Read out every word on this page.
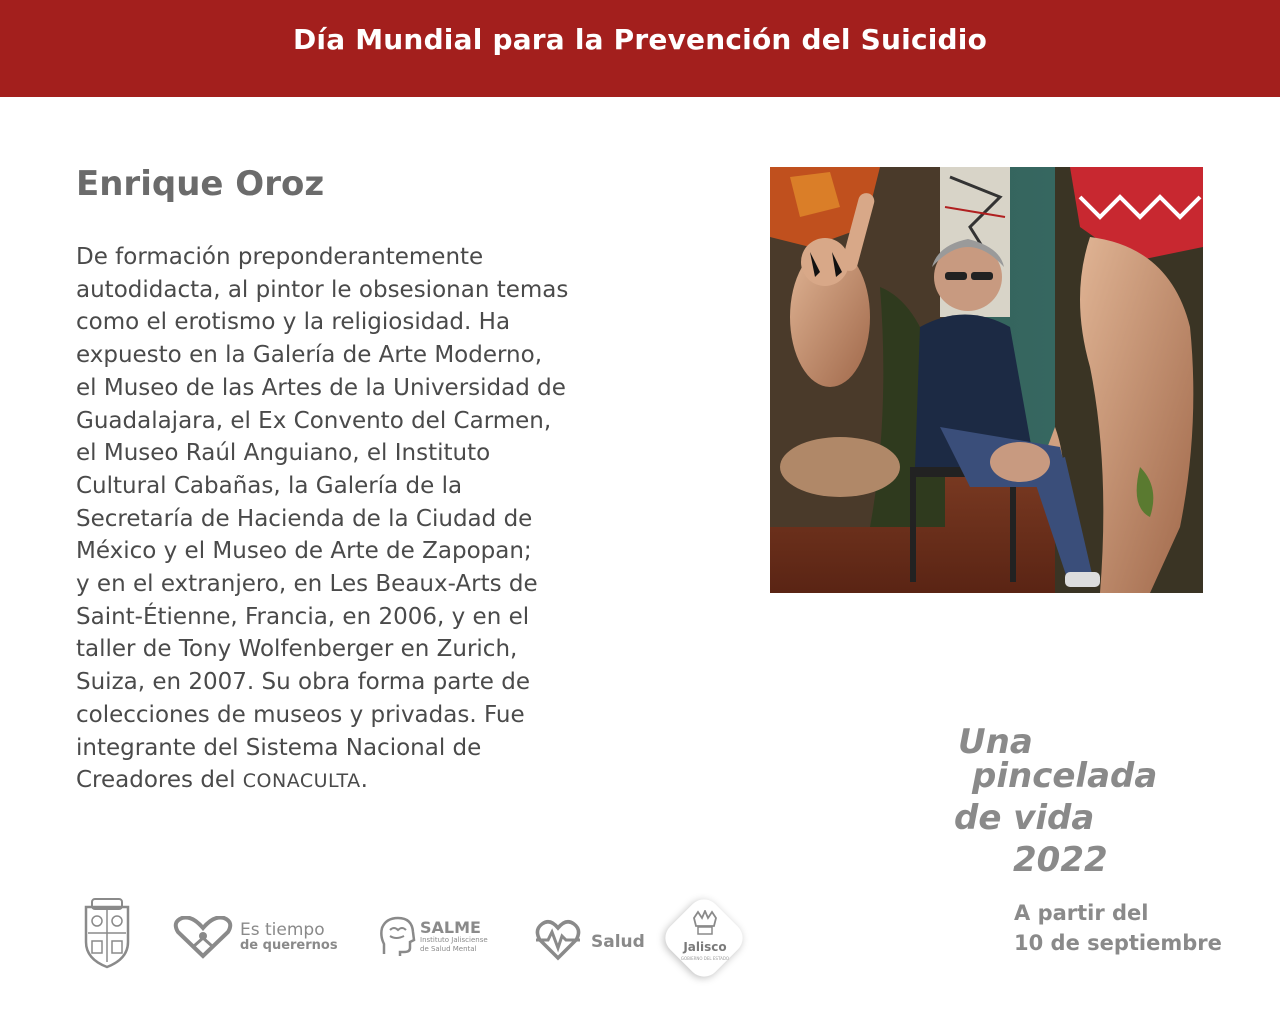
Día Mundial para la Prevención del Suicidio
Enrique Oroz
De formación preponderantemente
autodidacta, al pintor le obsesionan temas
como el erotismo y la religiosidad. Ha
expuesto en la Galería de Arte Moderno,
el Museo de las Artes de la Universidad de
Guadalajara, el Ex Convento del Carmen,
el Museo Raúl Anguiano, el Instituto
Cultural Cabañas, la Galería de la
Secretaría de Hacienda de la Ciudad de
México y el Museo de Arte de Zapopan;
y en el extranjero, en Les Beaux-Arts de
Saint-Étienne, Francia, en 2006, y en el
taller de Tony Wolfenberger en Zurich,
Suiza, en 2007. Su obra forma parte de
colecciones de museos y privadas. Fue
integrante del Sistema Nacional de
Creadores del CONACULTA.
Una
pincelada
de vida
2022
A partir del
10 de septiembre
Es tiempo
de querernos
SALME
Instituto Jalisciense
de Salud Mental	Salud	Jalisco
GOBIERNO DEL ESTADO
